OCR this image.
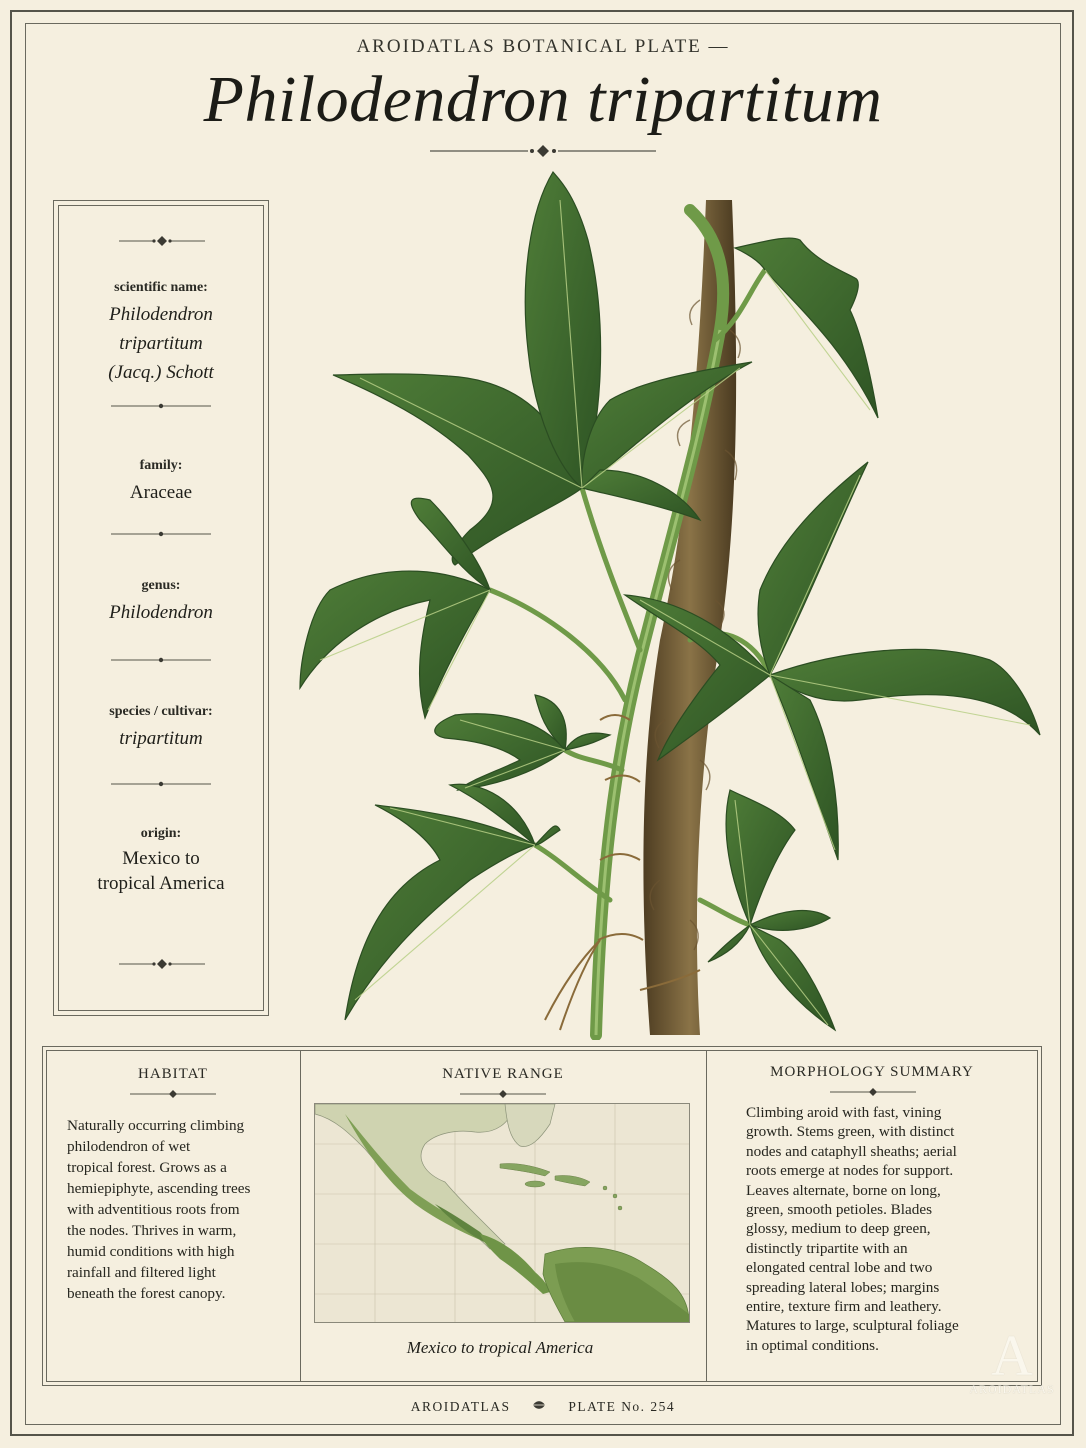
AROIDATLAS BOTANICAL PLATE —
Philodendron tripartitum
scientific name:
Philodendron
tripartitum
(Jacq.) Schott
family:
Araceae
genus:
Philodendron
species / cultivar:
tripartitum
origin:
Mexico to
tropical America
HABITAT
Naturally occurring climbing
philodendron of wet
tropical forest. Grows as a
hemiepiphyte, ascending trees
with adventitious roots from
the nodes. Thrives in warm,
humid conditions with high
rainfall and filtered light
beneath the forest canopy.
NATIVE RANGE
Mexico to tropical America
MORPHOLOGY SUMMARY
Climbing aroid with fast, vining
growth. Stems green, with distinct
nodes and cataphyll sheaths; aerial
roots emerge at nodes for support.
Leaves alternate, borne on long,
green, smooth petioles. Blades
glossy, medium to deep green,
distinctly tripartite with an
elongated central lobe and two
spreading lateral lobes; margins
entire, texture firm and leathery.
Matures to large, sculptural foliage
in optimal conditions.
AROIDATLAS	PLATE No. 254
A
AROIDATLAS
